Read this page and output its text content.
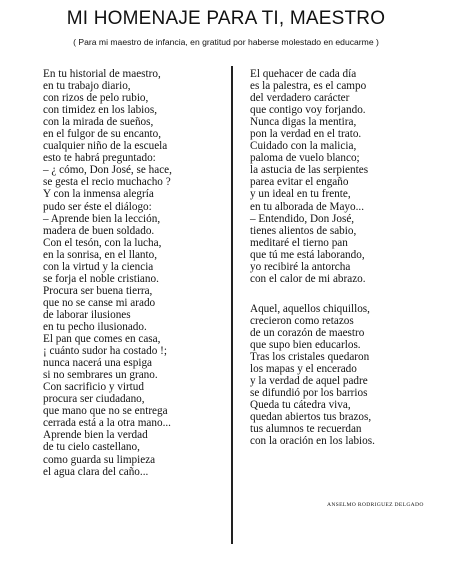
MI HOMENAJE PARA TI, MAESTRO
( Para mi maestro de infancia, en gratitud por haberse molestado en educarme )
En tu historial de maestro,
en tu trabajo diario,
con rizos de pelo rubio,
con timidez en los labios,
con la mirada de sueños,
en el fulgor de su encanto,
cualquier niño de la escuela
esto te habrá preguntado:
– ¿ cómo, Don José, se hace,
se gesta el recio muchacho ?
Y con la inmensa alegría
pudo ser éste el diálogo:
– Aprende bien la lección,
madera de buen soldado.
Con el tesón, con la lucha,
en la sonrisa, en el llanto,
con la virtud y la ciencia
se forja el noble cristiano.
Procura ser buena tierra,
que no se canse mi arado
de laborar ilusiones
en tu pecho ilusionado.
El pan que comes en casa,
¡ cuánto sudor ha costado !;
nunca nacerá una espiga
si no sembrares un grano.
Con sacrificio y virtud
procura ser ciudadano,
que mano que no se entrega
cerrada está a la otra mano...
Aprende bien la verdad
de tu cielo castellano,
como guarda su limpieza
el agua clara del caño...
El quehacer de cada día
es la palestra, es el campo
del verdadero carácter
que contigo voy forjando.
Nunca digas la mentira,
pon la verdad en el trato.
Cuidado con la malicia,
paloma de vuelo blanco;
la astucia de las serpientes
parea evitar el engaño
y un ideal en tu frente,
en tu alborada de Mayo...
– Entendido, Don José,
tienes alientos de sabio,
meditaré el tierno pan
que tú me está laborando,
yo recibiré la antorcha
con el calor de mi abrazo.
Aquel, aquellos chiquillos,
crecieron como retazos
de un corazón de maestro
que supo bien educarlos.
Tras los cristales quedaron
los mapas y el encerado
y la verdad de aquel padre
se difundió por los barrios
Queda tu cátedra viva,
quedan abiertos tus brazos,
tus alumnos te recuerdan
con la oración en los labios.
ANSELMO RODRIGUEZ DELGADO
